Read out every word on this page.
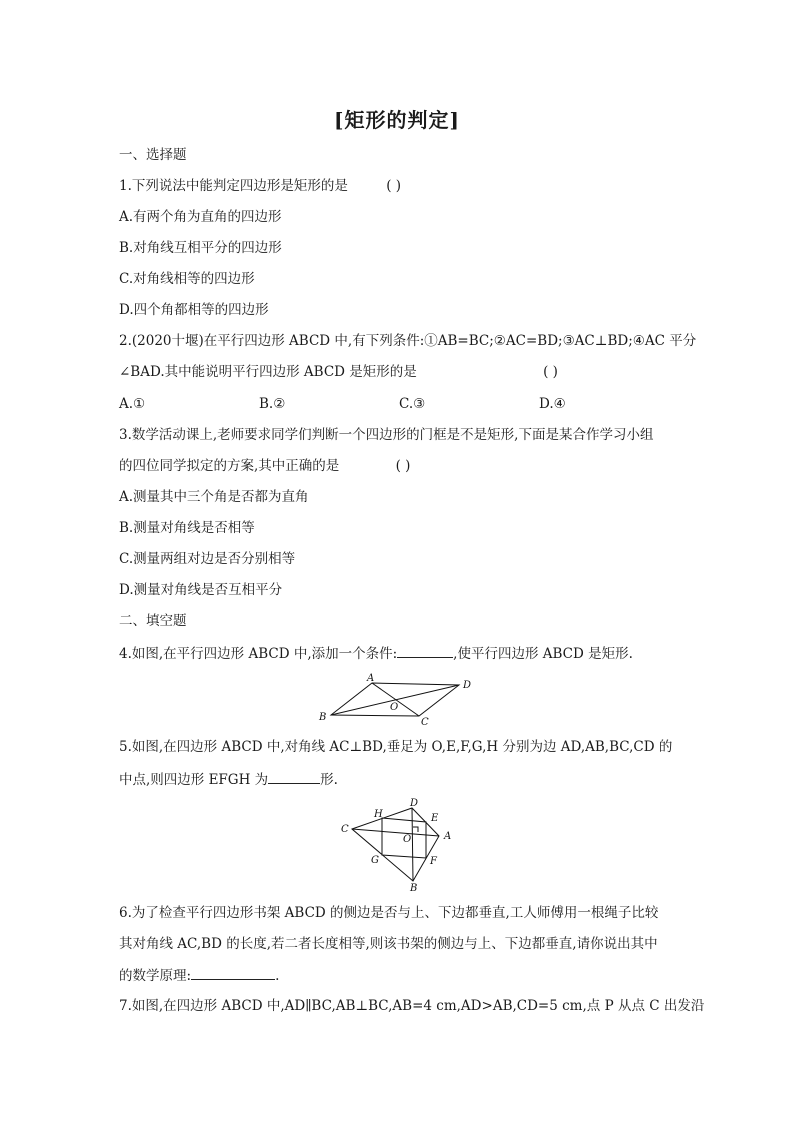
[矩形的判定]
一、选择题
1.下列说法中能判定四边形是矩形的是	( )
A.有两个角为直角的四边形
B.对角线互相平分的四边形
C.对角线相等的四边形
D.四个角都相等的四边形
2.(2020十堰)在平行四边形 ABCD 中,有下列条件:①AB=BC;②AC=BD;③AC⊥BD;④AC 平分
∠BAD.其中能说明平行四边形 ABCD 是矩形的是	( )
A.①	B.②	C.③	D.④
3.数学活动课上,老师要求同学们判断一个四边形的门框是不是矩形,下面是某合作学习小组
的四位同学拟定的方案,其中正确的是	( )
A.测量其中三个角是否都为直角
B.测量对角线是否相等
C.测量两组对边是否分别相等
D.测量对角线是否互相平分
二、填空题
4.如图,在平行四边形 ABCD 中,添加一个条件:	,使平行四边形 ABCD 是矩形.
A
B	C
D
O
5.如图,在四边形 ABCD 中,对角线 AC⊥BD,垂足为 O,E,F,G,H 分别为边 AD,AB,BC,CD 的
中点,则四边形 EFGH 为	形.
C
D
A
B
H	E
F
G
O
6.为了检查平行四边形书架 ABCD 的侧边是否与上、下边都垂直,工人师傅用一根绳子比较
其对角线 AC,BD 的长度,若二者长度相等,则该书架的侧边与上、下边都垂直,请你说出其中
的数学原理:	.
7.如图,在四边形 ABCD 中,AD∥BC,AB⊥BC,AB=4 cm,AD>AB,CD=5 cm,点 P 从点 C 出发沿
